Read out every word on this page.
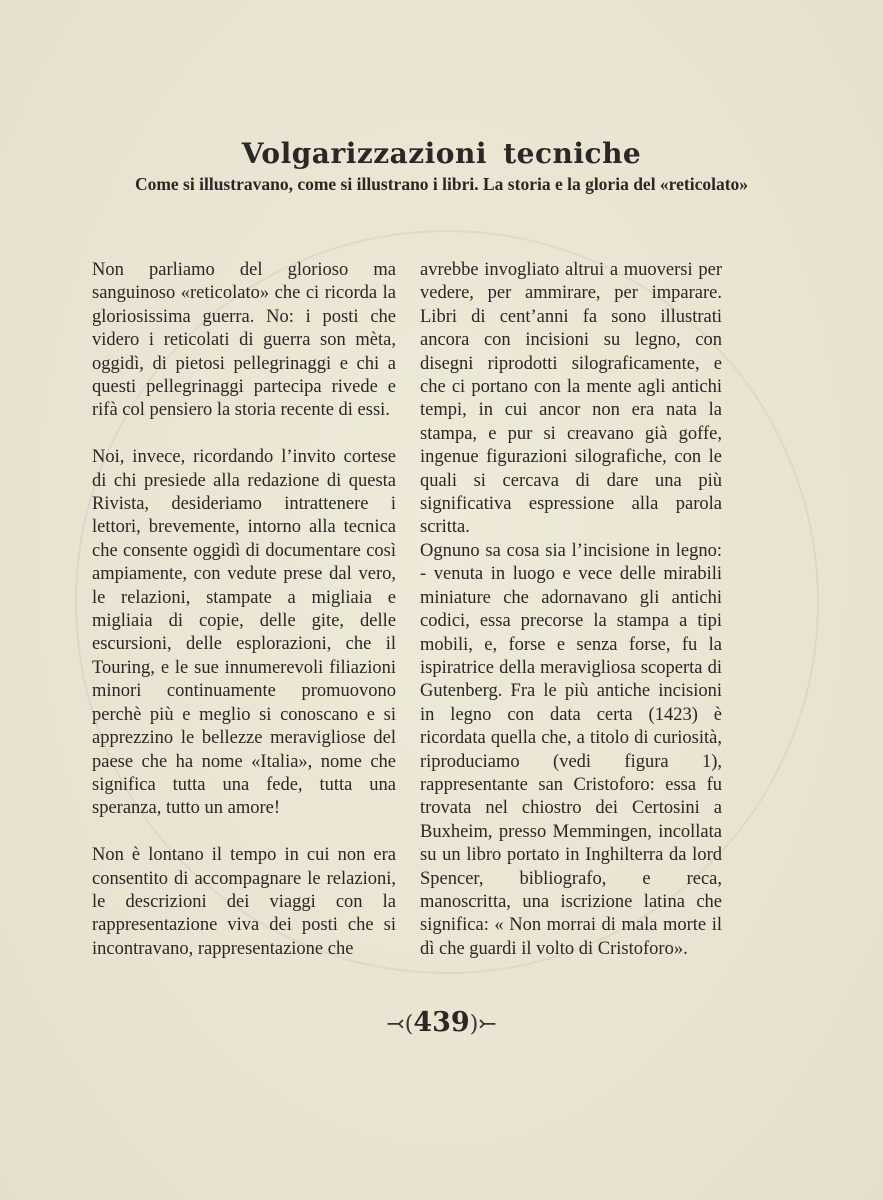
Volgarizzazioni tecniche
Come si illustravano, come si illustrano i libri. La storia e la gloria del «reticolato»

Non parliamo del glorioso ma sanguinoso «reticolato» che ci ricorda la gloriosissima guerra. No: i posti che videro i reticolati di guerra son mèta, oggidì, di pietosi pellegrinaggi e chi a questi pellegrinaggi partecipa rivede e rifà col pensiero la storia recente di essi.

Noi, invece, ricordando l’invito cortese di chi presiede alla redazione di questa Rivista, desideriamo intrattenere i lettori, brevemente, intorno alla tecnica che consente oggidì di documentare così ampiamente, con vedute prese dal vero, le relazioni, stampate a migliaia e migliaia di copie, delle gite, delle escursioni, delle esplorazioni, che il Touring, e le sue innumerevoli filiazioni minori continuamente promuovono perchè più e meglio si conoscano e si apprezzino le bellezze meravigliose del paese che ha nome «Italia», nome che significa tutta una fede, tutta una speranza, tutto un amore!

Non è lontano il tempo in cui non era consentito di accompagnare le relazioni, le descrizioni dei viaggi con la rappresentazione viva dei posti che si incontravano, rappresentazione che

avrebbe invogliato altrui a muoversi per vedere, per ammirare, per imparare. Libri di cent’anni fa sono illustrati ancora con incisioni su legno, con disegni riprodotti silograficamente, e che ci portano con la mente agli antichi tempi, in cui ancor non era nata la stampa, e pur si creavano già goffe, ingenue figurazioni silografiche, con le quali si cercava di dare una più significativa espressione alla parola scritta.

Ognuno sa cosa sia l’incisione in legno: - venuta in luogo e vece delle mirabili miniature che adornavano gli antichi codici, essa precorse la stampa a tipi mobili, e, forse e senza forse, fu la ispiratrice della meravigliosa scoperta di Gutenberg. Fra le più antiche incisioni in legno con data certa (1423) è ricordata quella che, a titolo di curiosità, riproduciamo (vedi figura 1), rappresentante san Cristoforo: essa fu trovata nel chiostro dei Certosini a Buxheim, presso Memmingen, incollata su un libro portato in Inghilterra da lord Spencer, bibliografo, e reca, manoscritta, una iscrizione latina che significa: « Non morrai di mala morte il dì che guardi il volto di Cristoforo».

⤙(439)⤚
